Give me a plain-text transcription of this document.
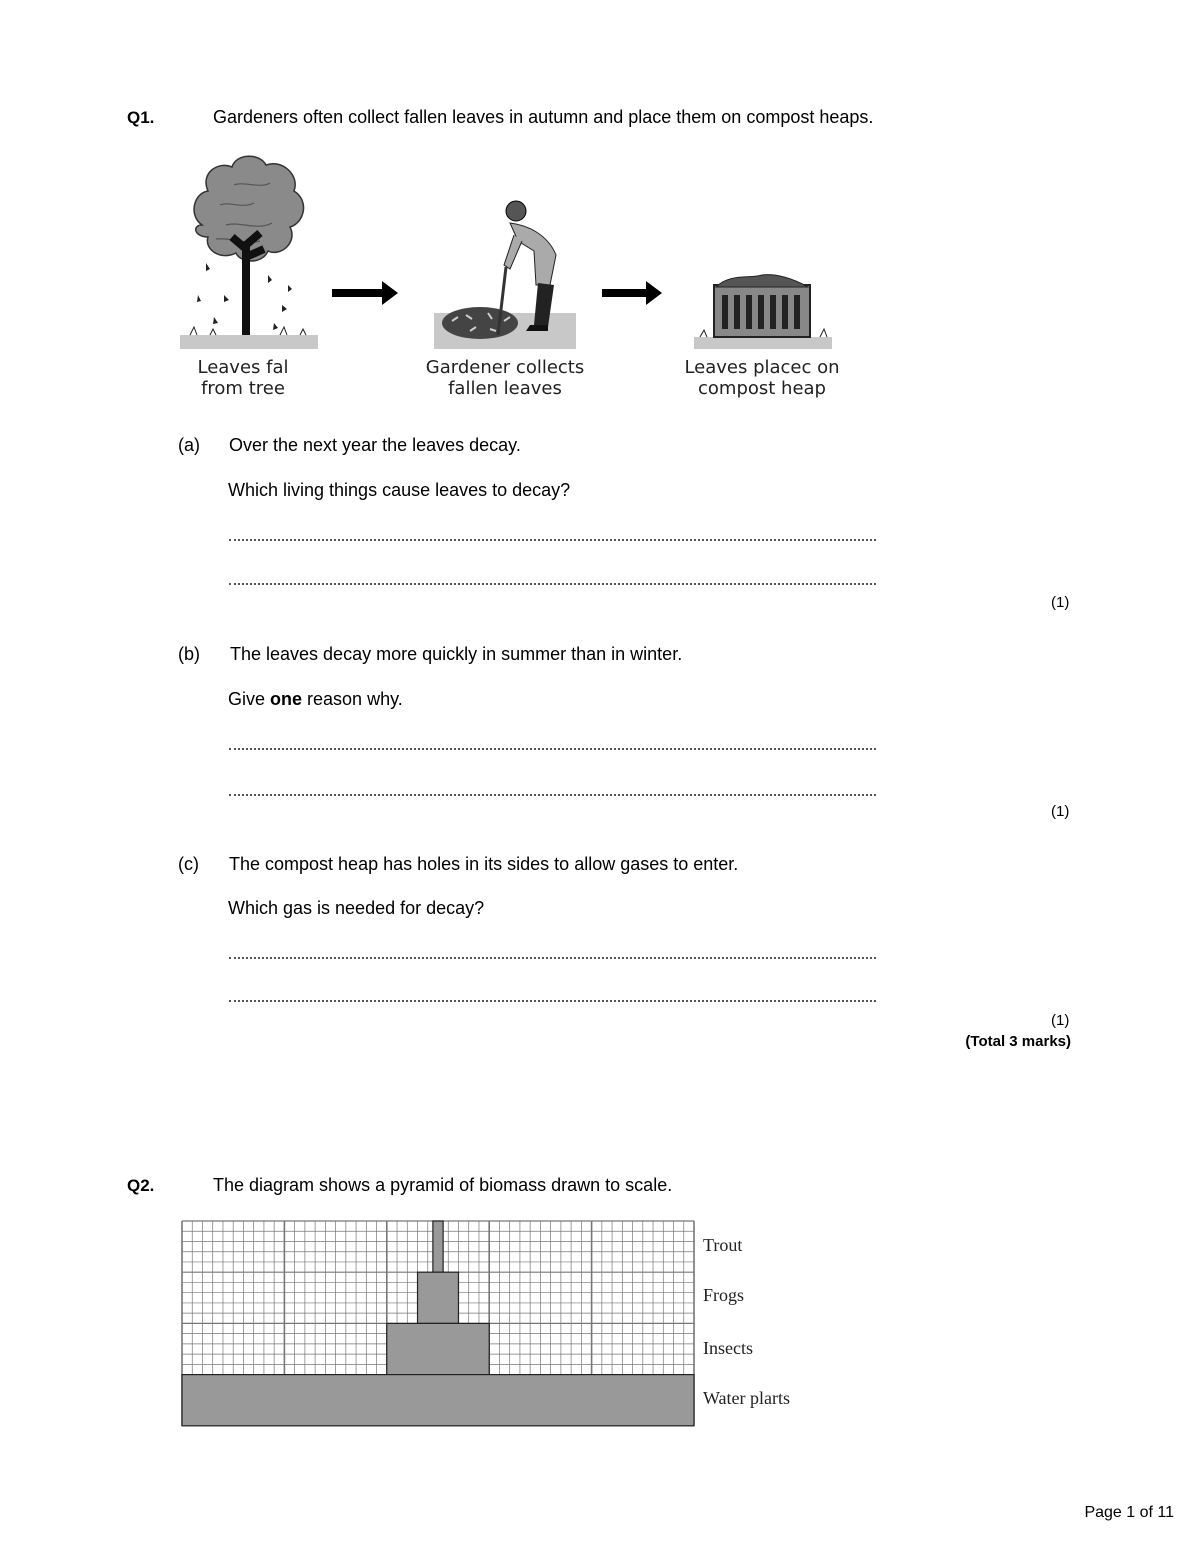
Q1.	Gardeners often collect fallen leaves in autumn and place them on compost heaps.
Leaves fal
from tree
Gardener collects
fallen leaves
Leaves placec on
compost heap
(a) Over the next year the leaves decay.
Which living things cause leaves to decay?
(1)
(b) The leaves decay more quickly in summer than in winter.
Give one reason why.
(1)
(c) The compost heap has holes in its sides to allow gases to enter.
Which gas is needed for decay?
(1)
(Total 3 marks)
Q2.	The diagram shows a pyramid of biomass drawn to scale.
Trout
Frogs
Insects
Water plarts
Page 1 of 11
